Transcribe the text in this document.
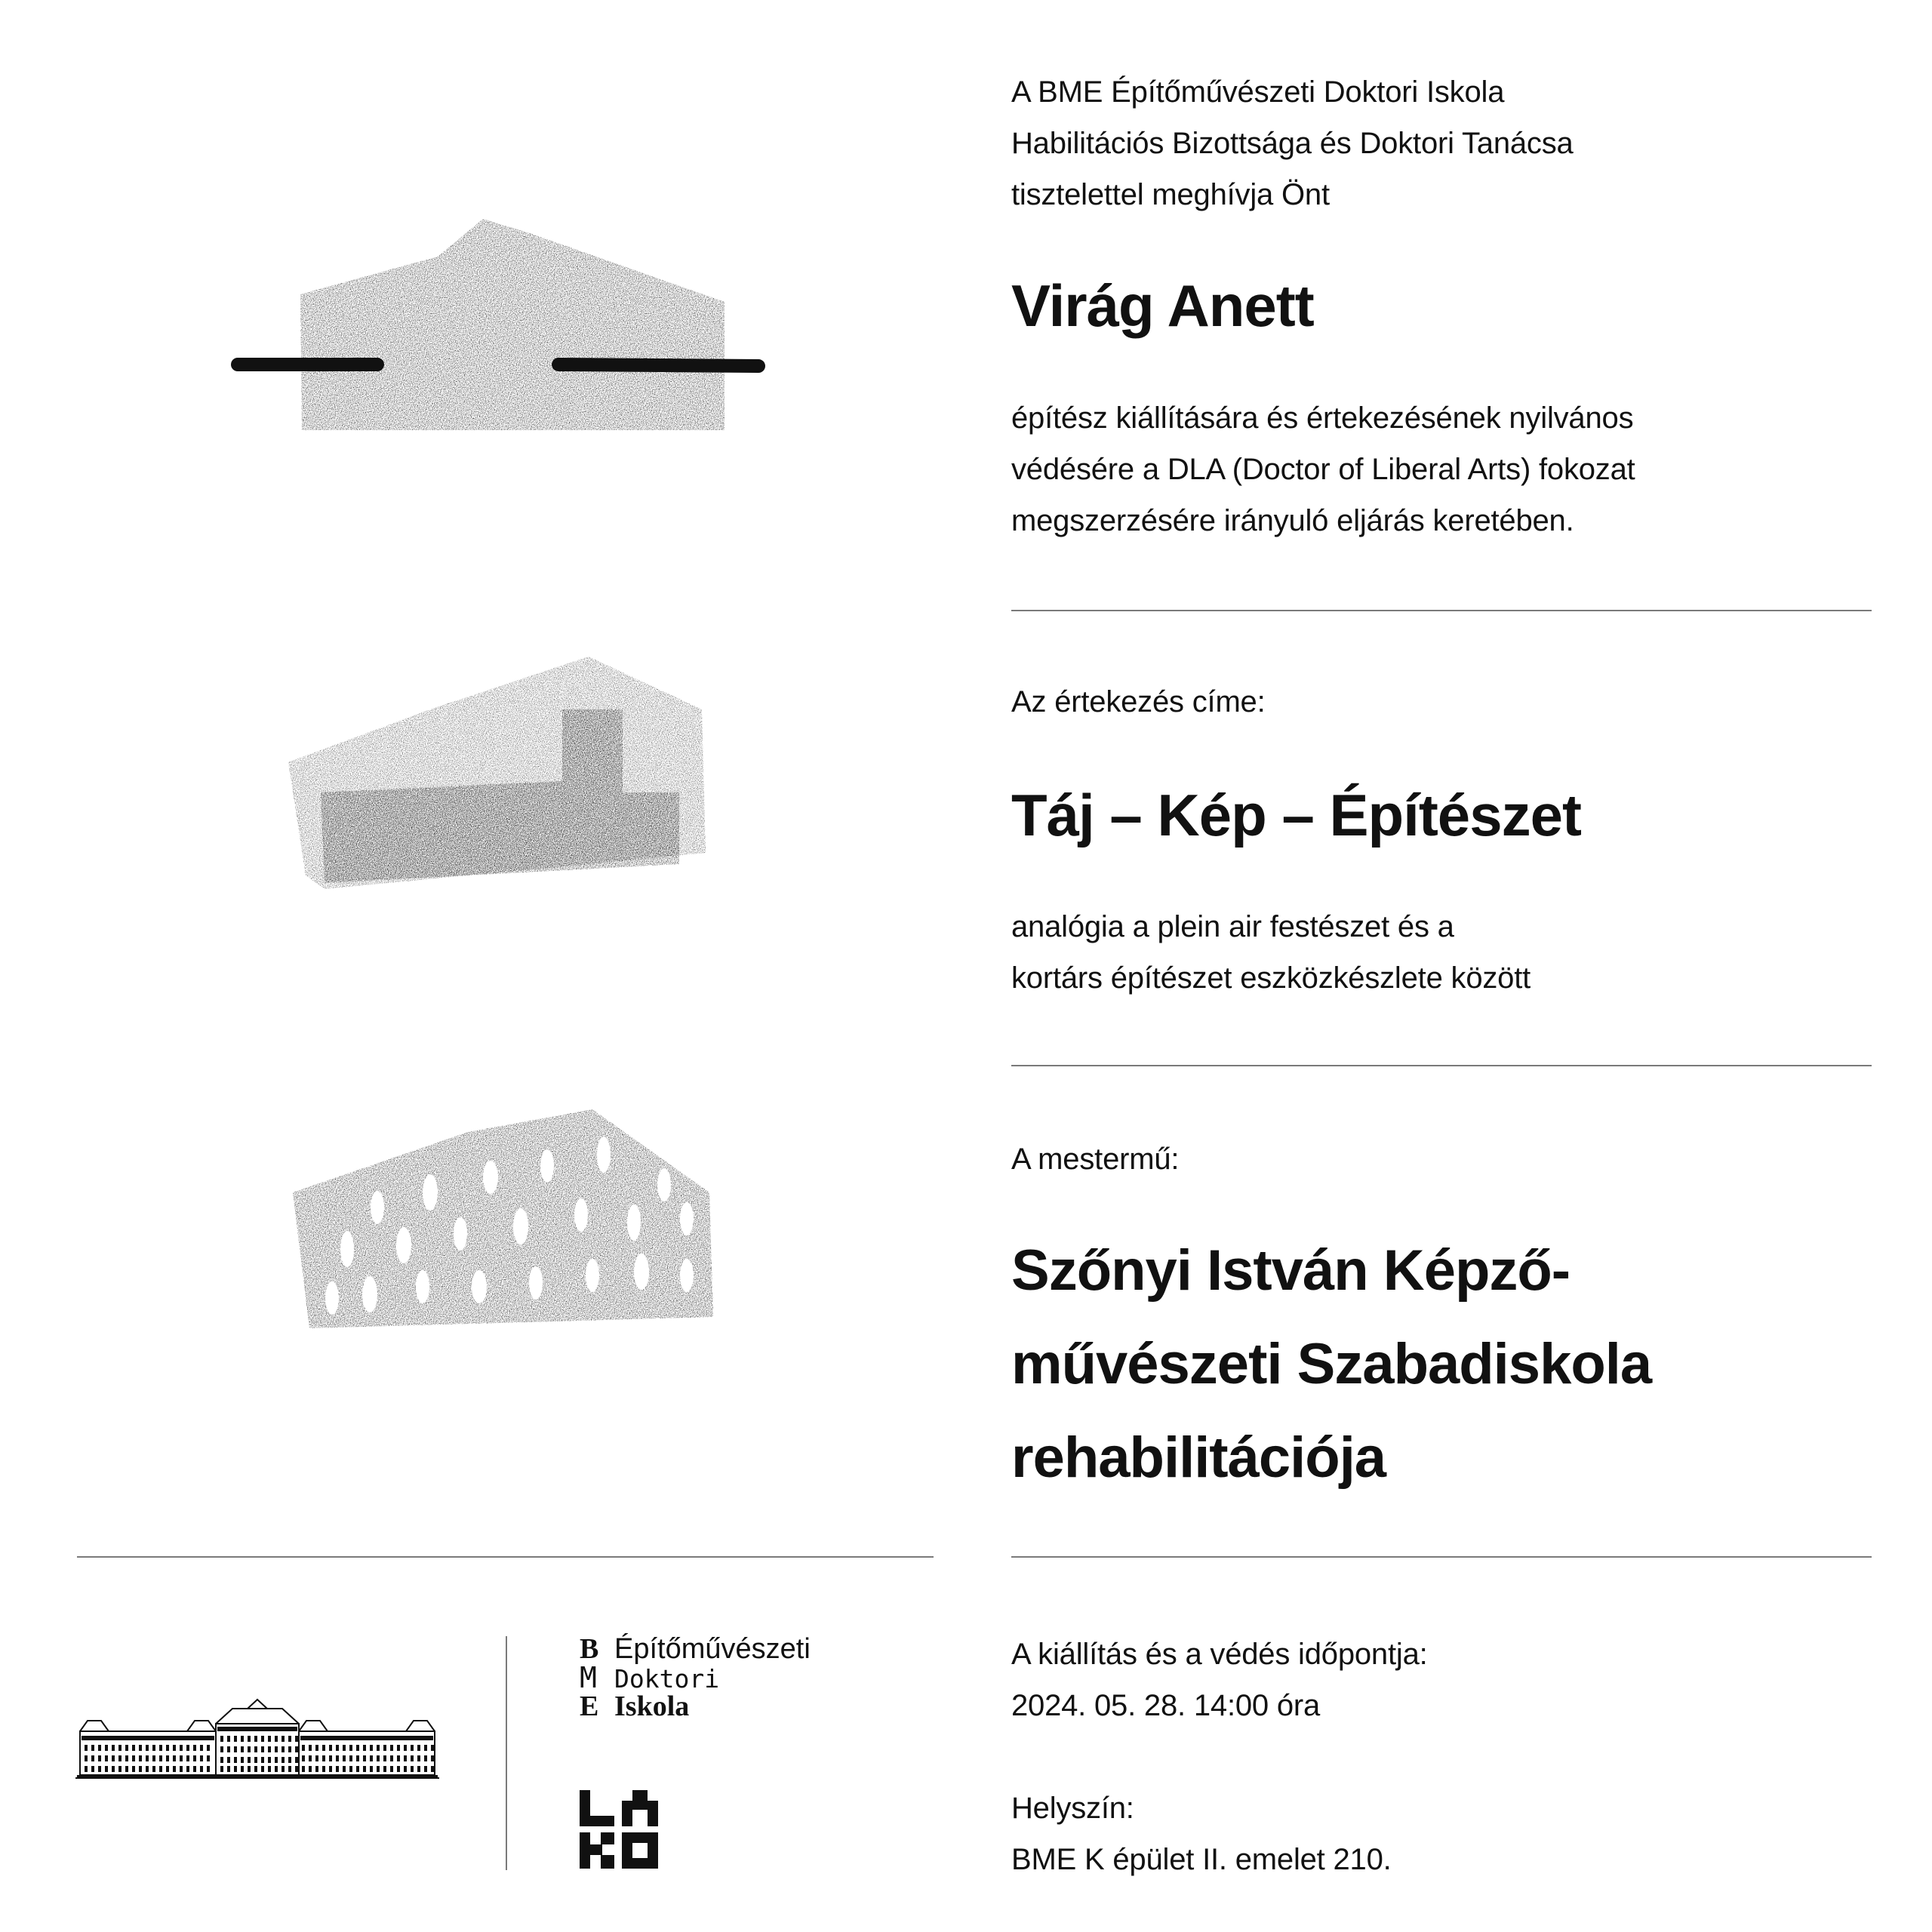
A BME Építőművészeti Doktori Iskola
Habilitációs Bizottsága és Doktori Tanácsa
tisztelettel meghívja Önt
Virág Anett
építész kiállítására és értekezésének nyilvános
védésére a DLA (Doctor of Liberal Arts) fokozat
megszerzésére irányuló eljárás keretében.
Az értekezés címe:
Táj – Kép – Építészet
analógia a plein air festészet és a
kortárs építészet eszközkészlete között
A mestermű:
Szőnyi István Képző-
művészeti Szabadiskola
rehabilitációja
A kiállítás és a védés időpontja:
2024. 05. 28. 14:00 óra
Helyszín:
BME K épület II. emelet 210.
B Építőművészeti
M Doktori
E Iskola
